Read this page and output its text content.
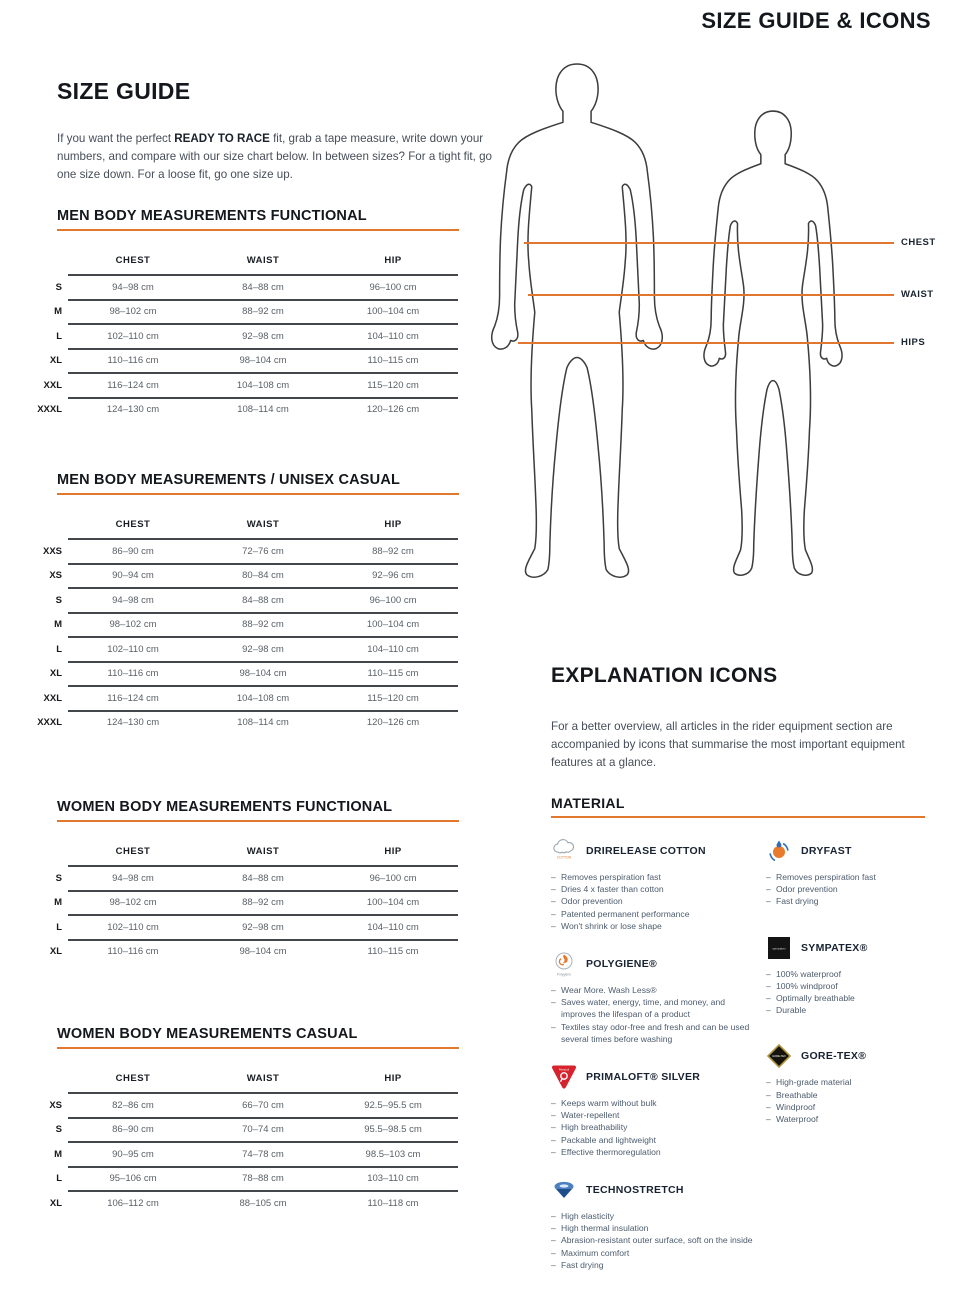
SIZE GUIDE & ICONS
SIZE GUIDE

If you want the perfect READY TO RACE fit, grab a tape measure, write down your numbers, and compare with our size chart below. In between sizes? For a tight fit, go one size down. For a loose fit, go one size up.

MEN BODY MEASUREMENTS FUNCTIONAL
CHEST	WAIST	HIP
S	94–98 cm	84–88 cm	96–100 cm
M	98–102 cm	88–92 cm	100–104 cm
L	102–110 cm	92–98 cm	104–110 cm
XL	110–116 cm	98–104 cm	110–115 cm
XXL	116–124 cm	104–108 cm	115–120 cm
XXXL	124–130 cm	108–114 cm	120–126 cm
MEN BODY MEASUREMENTS / UNISEX CASUAL
CHEST	WAIST	HIP
XXS	86–90 cm	72–76 cm	88–92 cm
XS	90–94 cm	80–84 cm	92–96 cm
S	94–98 cm	84–88 cm	96–100 cm
M	98–102 cm	88–92 cm	100–104 cm
L	102–110 cm	92–98 cm	104–110 cm
XL	110–116 cm	98–104 cm	110–115 cm
XXL	116–124 cm	104–108 cm	115–120 cm
XXXL	124–130 cm	108–114 cm	120–126 cm
WOMEN BODY MEASUREMENTS FUNCTIONAL
CHEST	WAIST	HIP
S	94–98 cm	84–88 cm	96–100 cm
M	98–102 cm	88–92 cm	100–104 cm
L	102–110 cm	92–98 cm	104–110 cm
XL	110–116 cm	98–104 cm	110–115 cm
WOMEN BODY MEASUREMENTS CASUAL
CHEST	WAIST	HIP
XS	82–86 cm	66–70 cm	92.5–95.5 cm
S	86–90 cm	70–74 cm	95.5–98.5 cm
M	90–95 cm	74–78 cm	98.5–103 cm
L	95–106 cm	78–88 cm	103–110 cm
XL	106–112 cm	88–105 cm	110–118 cm
CHEST
WAIST
HIPS
EXPLANATION ICONS

For a better overview, all articles in the rider equipment section are accompanied by icons that summarise the most important equipment features at a glance.

MATERIAL
COTTON
DRIRELEASE COTTON
– Removes perspiration fast
– Dries 4 x faster than cotton
– Odor prevention
– Patented permanent performance
– Won't shrink or lose shape
Polygiene
POLYGIENE®
– Wear More. Wash Less®
– Saves water, energy, time, and money, and improves the lifespan of a product
– Textiles stay odor-free and fresh and can be used several times before washing
PrimaLoft
PRIMALOFT® SILVER
– Keeps warm without bulk
– Water-repellent
– High breathability
– Packable and lightweight
– Effective thermoregulation
TECHNOSTRETCH
– High elasticity
– High thermal insulation
– Abrasion-resistant outer surface, soft on the inside
– Maximum comfort
– Fast drying
DRYFAST
– Removes perspiration fast
– Odor prevention
– Fast drying
sympatex SYMPATEX®
– 100% waterproof
– 100% windproof
– Optimally breathable
– Durable
GORE-TEX GORE-TEX®
– High-grade material
– Breathable
– Windproof
– Waterproof
